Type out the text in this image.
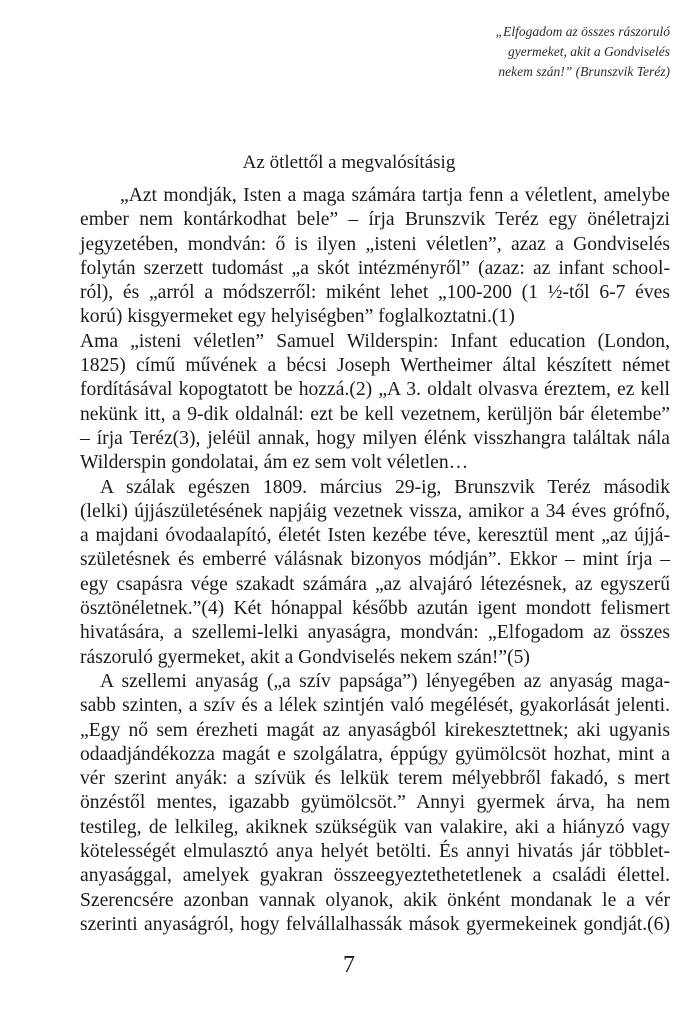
„Elfogadom az összes rászoruló
gyermeket, akit a Gondviselés
nekem szán!” (Brunszvik Teréz)
Az ötlettől a megvalósításig
„Azt mondják, Isten a maga számára tartja fenn a véletlent, amelybe
ember nem kontárkodhat bele” – írja Brunszvik Teréz egy önéletrajzi
jegyzetében, mondván: ő is ilyen „isteni véletlen”, azaz a Gondviselés
folytán szerzett tudomást „a skót intézményről” (azaz: az infant school-
ról), és „arról a módszerről: miként lehet „100-200 (1 ½-től 6-7 éves
korú) kisgyermeket egy helyiségben” foglalkoztatni.(1)
Ama „isteni véletlen” Samuel Wilderspin: Infant education (London,
1825) című művének a bécsi Joseph Wertheimer által készített német
fordításával kopogtatott be hozzá.(2) „A 3. oldalt olvasva éreztem, ez kell
nekünk itt, a 9-dik oldalnál: ezt be kell vezetnem, kerüljön bár életembe”
– írja Teréz(3), jeléül annak, hogy milyen élénk visszhangra találtak nála
Wilderspin gondolatai, ám ez sem volt véletlen…
A szálak egészen 1809. március 29-ig, Brunszvik Teréz második
(lelki) újjászületésének napjáig vezetnek vissza, amikor a 34 éves grófnő,
a majdani óvodaalapító, életét Isten kezébe téve, keresztül ment „az újjá-
születésnek és emberré válásnak bizonyos módján”. Ekkor – mint írja –
egy csapásra vége szakadt számára „az alvajáró létezésnek, az egyszerű
ösztönéletnek.”(4) Két hónappal később azután igent mondott felismert
hivatására, a szellemi-lelki anyaságra, mondván: „Elfogadom az összes
rászoruló gyermeket, akit a Gondviselés nekem szán!”(5)
A szellemi anyaság („a szív papsága”) lényegében az anyaság maga-
sabb szinten, a szív és a lélek szintjén való megélését, gyakorlását jelenti.
„Egy nő sem érezheti magát az anyaságból kirekesztettnek; aki ugyanis
odaadjándékozza magát e szolgálatra, éppúgy gyümölcsöt hozhat, mint a
vér szerint anyák: a szívük és lelkük terem mélyebbről fakadó, s mert
önzéstől mentes, igazabb gyümölcsöt.” Annyi gyermek árva, ha nem
testileg, de lelkileg, akiknek szükségük van valakire, aki a hiányzó vagy
kötelességét elmulasztó anya helyét betölti. És annyi hivatás jár többlet-
anyasággal, amelyek gyakran összeegyeztethetetlenek a családi élettel.
Szerencsére azonban vannak olyanok, akik önként mondanak le a vér
szerinti anyaságról, hogy felvállalhassák mások gyermekeinek gondját.(6)
7
